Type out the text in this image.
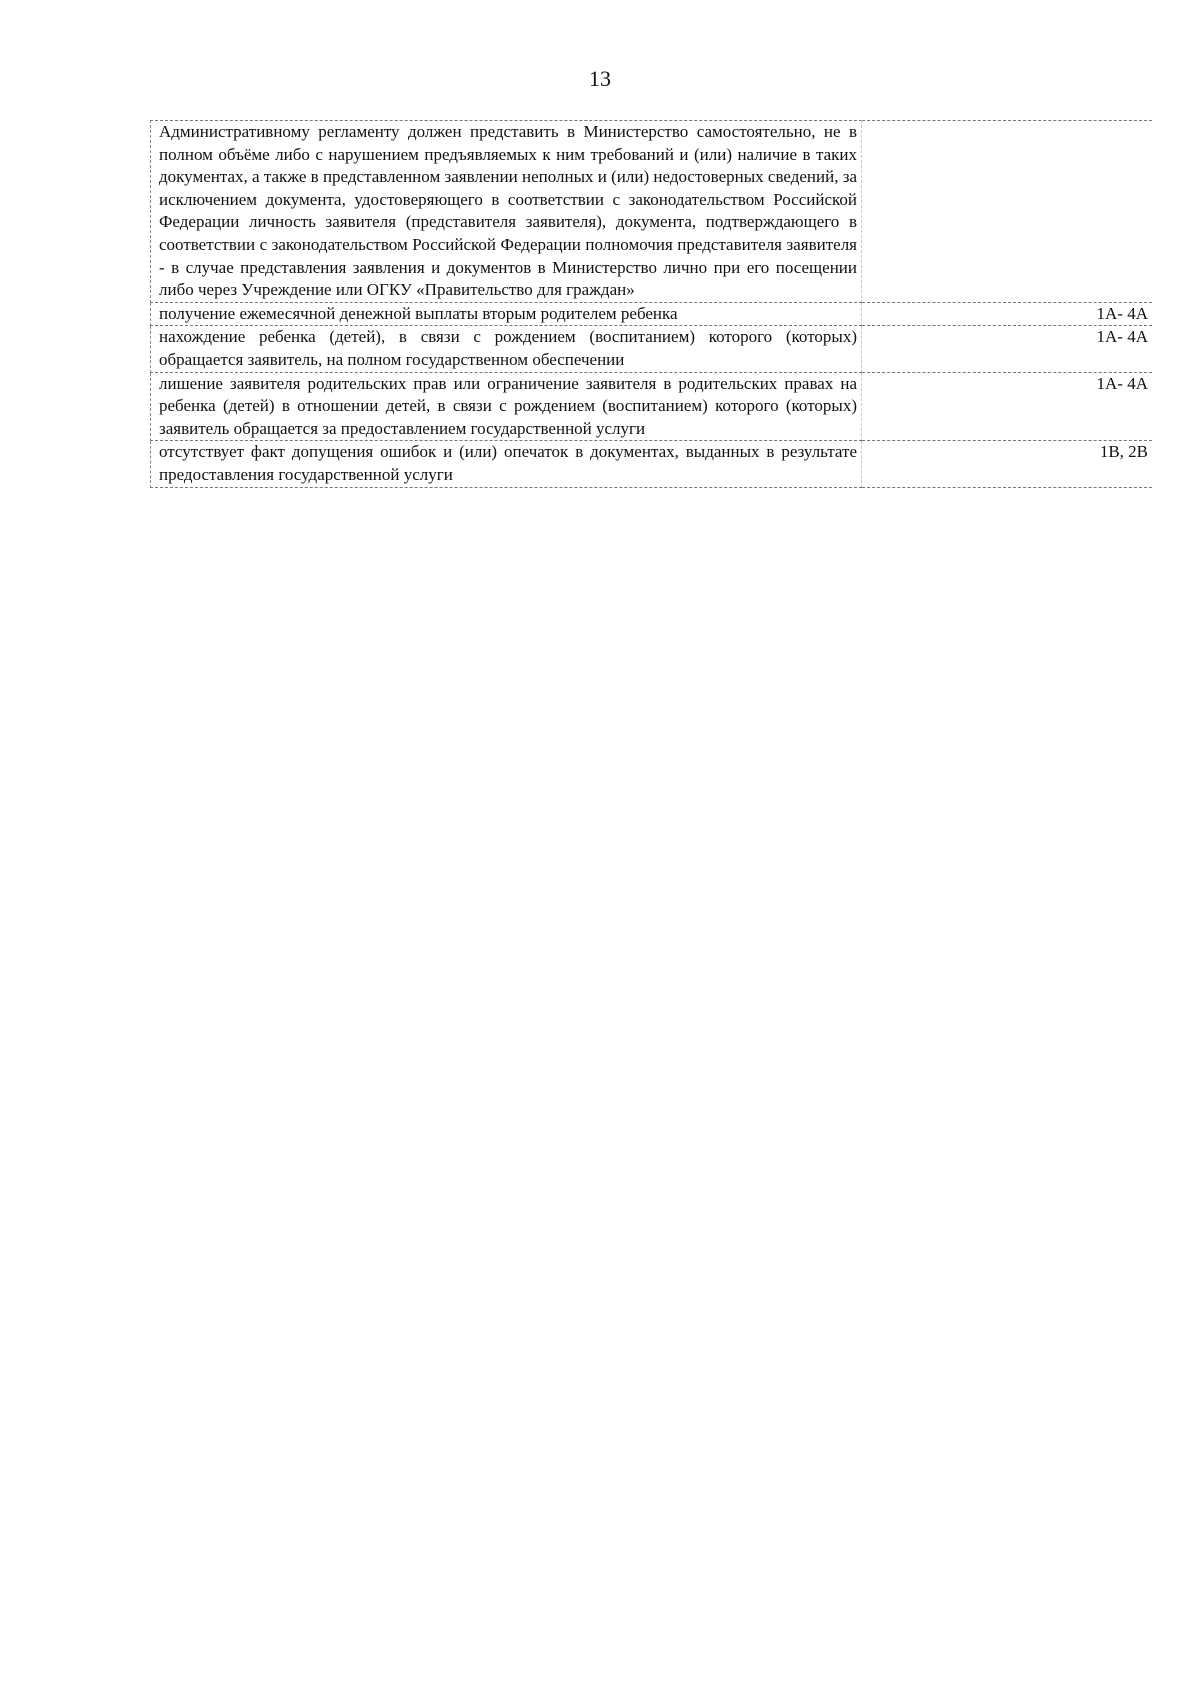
13
Административному регламенту должен представить в Министерство самостоятельно, не в полном объёме либо с нарушением предъявляемых к ним требований и (или) наличие в таких документах, а также в представленном заявлении неполных и (или) недостоверных сведений, за исключением документа, удостоверяющего в соответствии с законодательством Российской Федерации личность заявителя (представителя заявителя), документа, подтверждающего в соответствии с законодательством Российской Федерации полномочия представителя заявителя - в случае представления заявления и документов в Министерство лично при его посещении либо через Учреждение или ОГКУ «Правительство для граждан»	
получение ежемесячной денежной выплаты вторым родителем ребенка	1А- 4А
нахождение ребенка (детей), в связи с рождением (воспитанием) которого (которых) обращается заявитель, на полном государственном обеспечении	1А- 4А
лишение заявителя родительских прав или ограничение заявителя в родительских правах на ребенка (детей) в отношении детей, в связи с рождением (воспитанием) которого (которых) заявитель обращается за предоставлением государственной услуги	1А- 4А
отсутствует факт допущения ошибок и (или) опечаток в документах, выданных в результате предоставления государственной услуги	1В, 2В
